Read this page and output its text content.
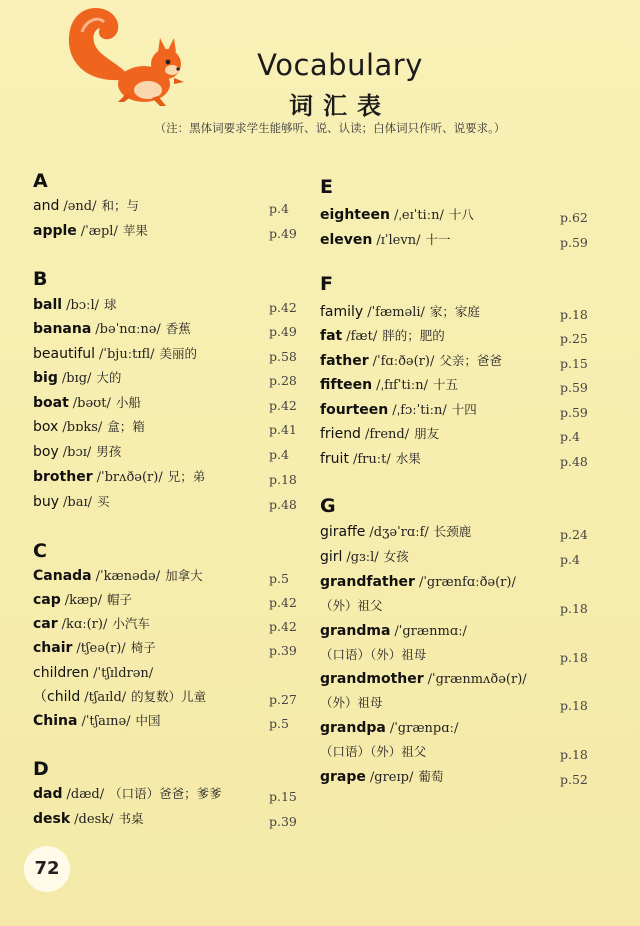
Vocabulary
词汇表
（注：黑体词要求学生能够听、说、认读；白体词只作听、说要求。）
A
and /ənd/ 和；与	p.4
apple /ˈæpl/ 苹果	p.49
B
ball /bɔːl/ 球	p.42
banana /bəˈnɑːnə/ 香蕉	p.49
beautiful /ˈbjuːtɪfl/ 美丽的	p.58
big /bɪg/ 大的	p.28
boat /bəʊt/ 小船	p.42
box /bɒks/ 盒；箱	p.41
boy /bɔɪ/ 男孩	p.4
brother /ˈbrʌðə(r)/ 兄；弟	p.18
buy /baɪ/ 买	p.48
C
Canada /ˈkænədə/ 加拿大	p.5
cap /kæp/ 帽子	p.42
car /kɑː(r)/ 小汽车	p.42
chair /tʃeə(r)/ 椅子	p.39
children /ˈtʃɪldrən/
（child /tʃaɪld/ 的复数）儿童	p.27
China /ˈtʃaɪnə/ 中国	p.5
D
dad /dæd/ （口语）爸爸；爹爹	p.15
desk /desk/ 书桌	p.39
E
eighteen /ˌeɪˈtiːn/ 十八	p.62
eleven /ɪˈlevn/ 十一	p.59
F
family /ˈfæməli/ 家；家庭	p.18
fat /fæt/ 胖的；肥的	p.25
father /ˈfɑːðə(r)/ 父亲；爸爸	p.15
fifteen /ˌfɪfˈtiːn/ 十五	p.59
fourteen /ˌfɔːˈtiːn/ 十四	p.59
friend /frend/ 朋友	p.4
fruit /fruːt/ 水果	p.48
G
giraffe /dʒəˈrɑːf/ 长颈鹿	p.24
girl /gɜːl/ 女孩	p.4
grandfather /ˈgrænfɑːðə(r)/
（外）祖父	p.18
grandma /ˈgrænmɑː/
（口语）（外）祖母	p.18
grandmother /ˈgrænmʌðə(r)/
（外）祖母	p.18
grandpa /ˈgrænpɑː/
（口语）（外）祖父	p.18
grape /greɪp/ 葡萄	p.52
72
